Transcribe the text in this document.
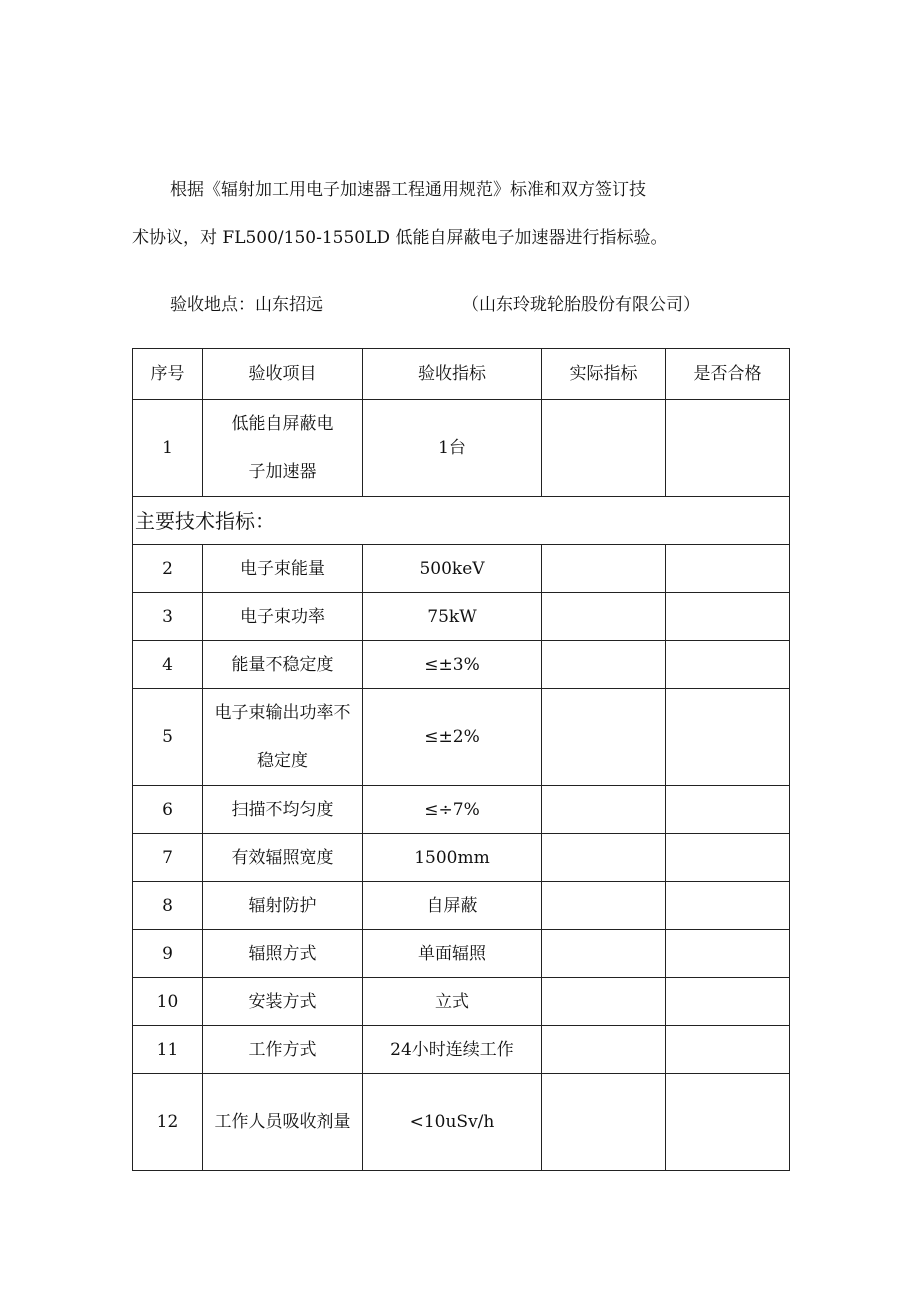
根据《辐射加工用电子加速器工程通用规范》标准和双方签订技
术协议，对 FL500/150-1550LD 低能自屏蔽电子加速器进行指标验。

验收地点：山东招远	（山东玲珑轮胎股份有限公司）
序号	验收项目	验收指标	实际指标	是否合格
1	低能自屏蔽电
子加速器	1台		
主要技术指标：				
2	电子束能量	500keV		
3	电子束功率	75kW		
4	能量不稳定度	≤±3%		
5	电子束输出功率不
稳定度	≤±2%		
6	扫描不均匀度	≤÷7%		
7	有效辐照宽度	1500mm		
8	辐射防护	自屏蔽		
9	辐照方式	单面辐照		
10	安装方式	立式		
11	工作方式	24小时连续工作		
12	工作人员吸收剂量	<10uSv/h		
